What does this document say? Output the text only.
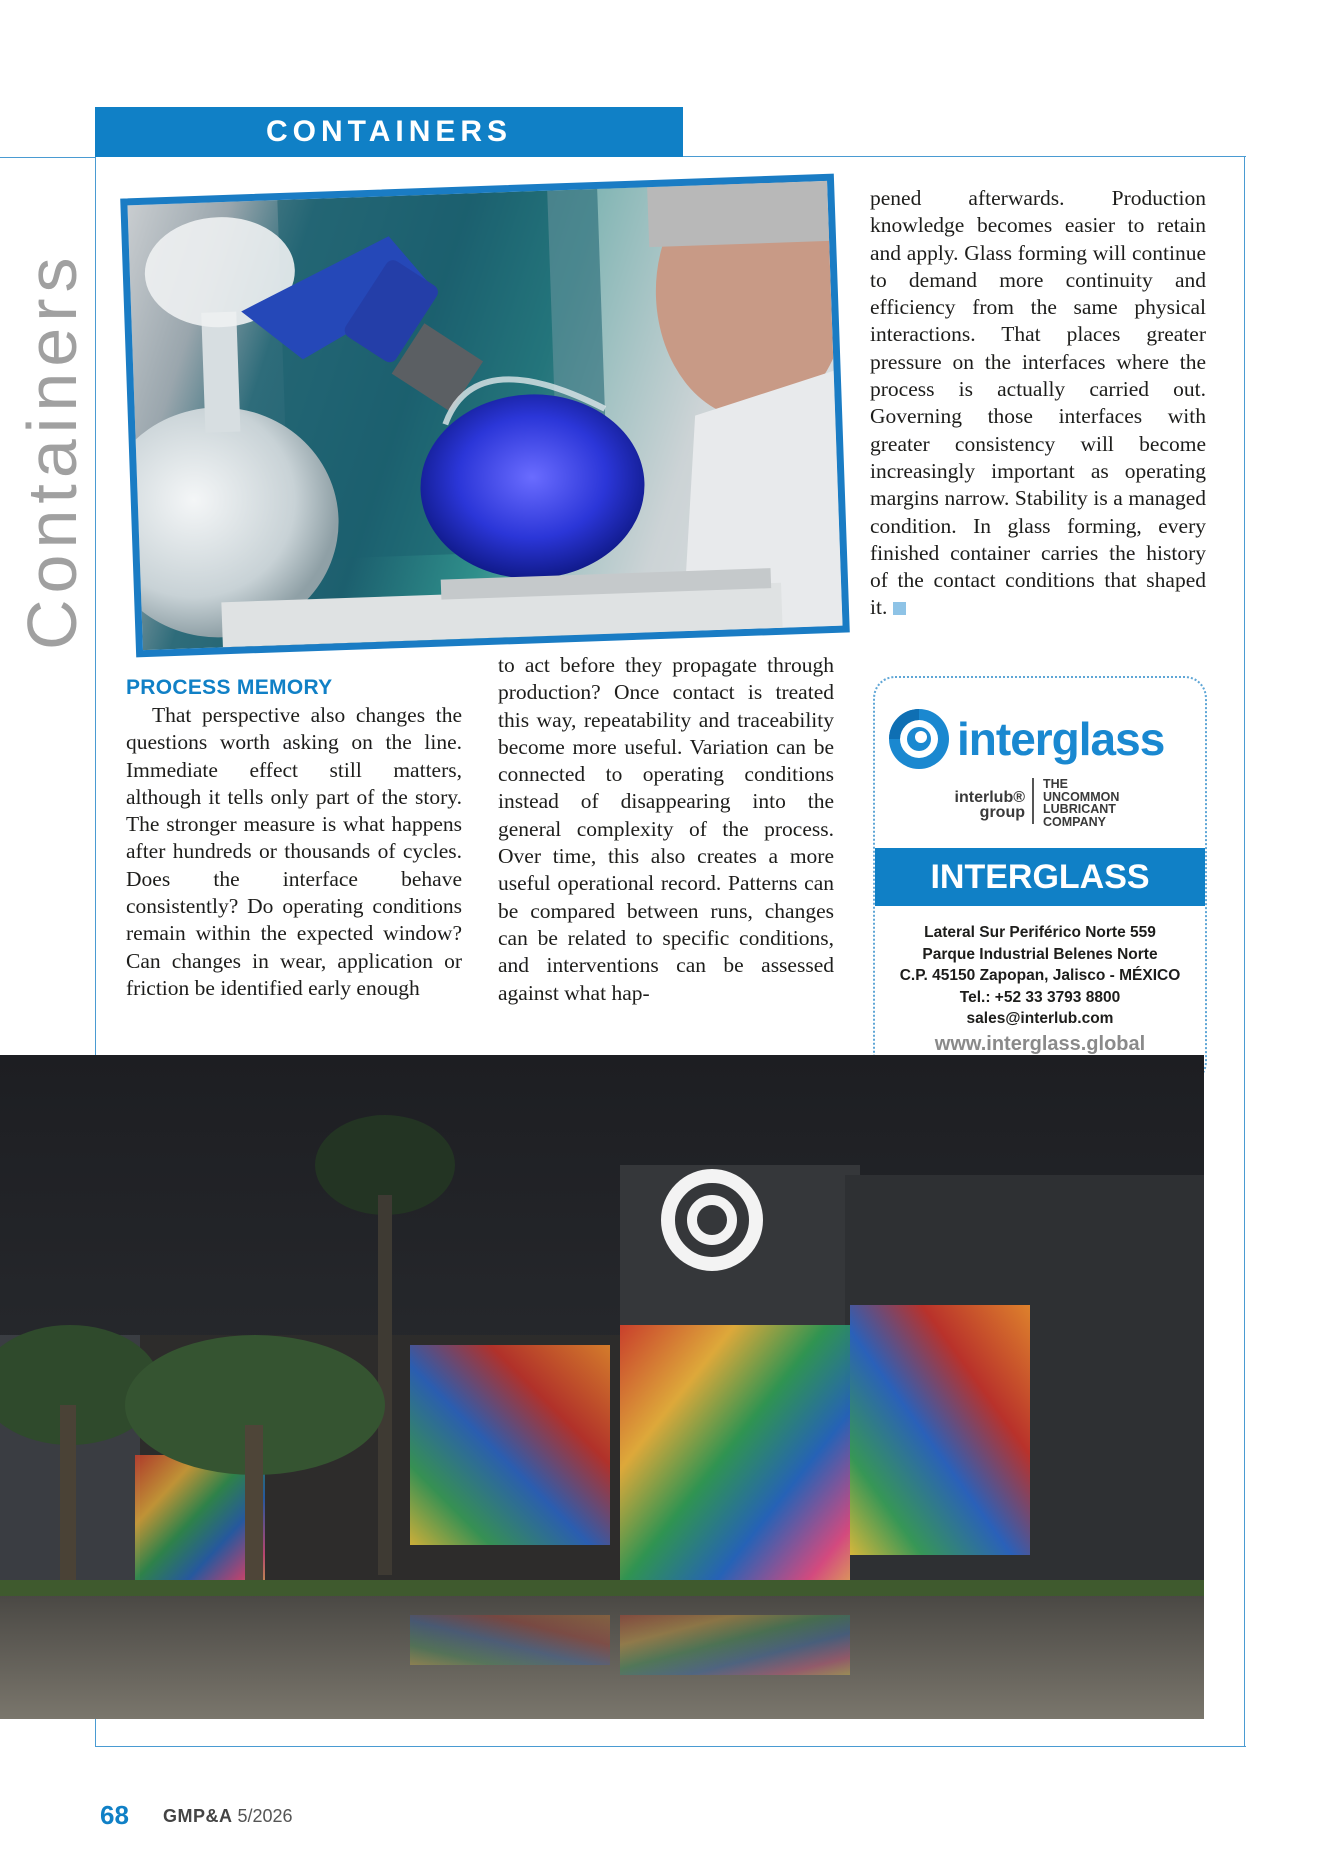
CONTAINERS
Containers
PROCESS MEMORY

That perspective also changes the questions worth asking on the line. Immediate effect still matters, although it tells only part of the story. The stronger measure is what happens after hundreds or thousands of cycles. Does the interface behave consistently? Do operating conditions remain within the expected window? Can changes in wear, application or friction be identified early enough

to act before they propagate through production? Once contact is treated this way, repeatability and traceability become more useful. Variation can be connected to operating conditions instead of disappearing into the general complexity of the process. Over time, this also creates a more useful operational record. Patterns can be compared between runs, changes can be related to specific conditions, and interventions can be assessed against what hap-

pened afterwards. Production knowledge becomes easier to retain and apply. Glass forming will continue to demand more continuity and efficiency from the same physical interactions. That places greater pressure on the interfaces where the process is actually carried out. Governing those interfaces with greater consistency will become increasingly important as operating margins narrow. Stability is a managed condition. In glass forming, every finished container carries the history of the contact conditions that shaped it.

interglass
interlub® group
THE
UNCOMMON
LUBRICANT
COMPANY
INTERGLASS
Lateral Sur Periférico Norte 559
Parque Industrial Belenes Norte
C.P. 45150 Zapopan, Jalisco - MÉXICO
Tel.: +52 33 3793 8800
sales@interlub.com
www.interglass.global
68 GMP&A 5/2026
